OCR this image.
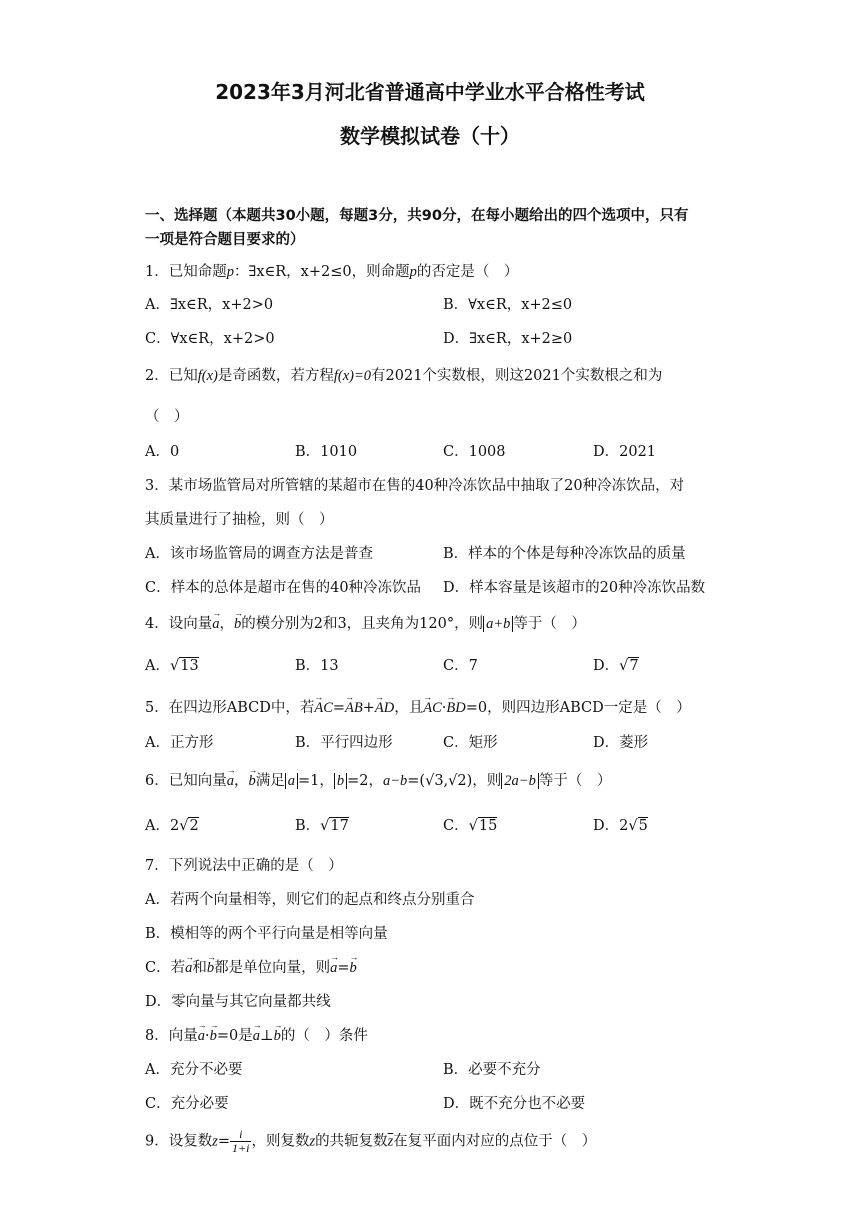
2023年3月河北省普通高中学业水平合格性考试
数学模拟试卷（十）
一、选择题（本题共30小题，每题3分，共90分，在每小题给出的四个选项中，只有
一项是符合题目要求的）
1．已知命题p：∃x∈R，x+2≤0，则命题p的否定是（　）
A．∃x∈R，x+2>0	B．∀x∈R，x+2≤0
C．∀x∈R，x+2>0	D．∃x∈R，x+2≥0
2．已知f(x)是奇函数，若方程f(x)=0有2021个实数根，则这2021个实数根之和为
（　）
A．0	B．1010	C．1008	D．2021
3．某市场监管局对所管辖的某超市在售的40种冷冻饮品中抽取了20种冷冻饮品，对
其质量进行了抽检，则（　）
A．该市场监管局的调查方法是普查	B．样本的个体是每种冷冻饮品的质量
C．样本的总体是超市在售的40种冷冻饮品 D．样本容量是该超市的20种冷冻饮品数
4．设向量→ a，→ b的模分别为2和3，且夹角为120°，则 a+b 等于（　）
A．√13	B．13	C．7	D．√7
5．在四边形ABCD中，若→ AC=→ AB+→ AD，且→ AC·→ BD=0，则四边形ABCD一定是（　）
A．正方形	B．平行四边形	C．矩形	D．菱形
6．已知向量→ a，→ b满足 a =1， b =2，a−b=(√3,√2)，则 2a−b 等于（　）
A．2√2	B．√17	C．√15	D．2√5
7．下列说法中正确的是（　）
A．若两个向量相等，则它们的起点和终点分别重合
B．模相等的两个平行向量是相等向量
C．若→ a和→ b都是单位向量，则→ a=→ b
D．零向量与其它向量都共线
8．向量→ a·→ b=0是→ a⊥→ b的（　）条件
A．充分不必要	B．必要不充分
C．充分必要	D．既不充分也不必要
9．设复数$z= \frac{i}{1+i}$ ，则复数z的共轭复数$\overline{z}$在复平面内对应的点位于（　）
